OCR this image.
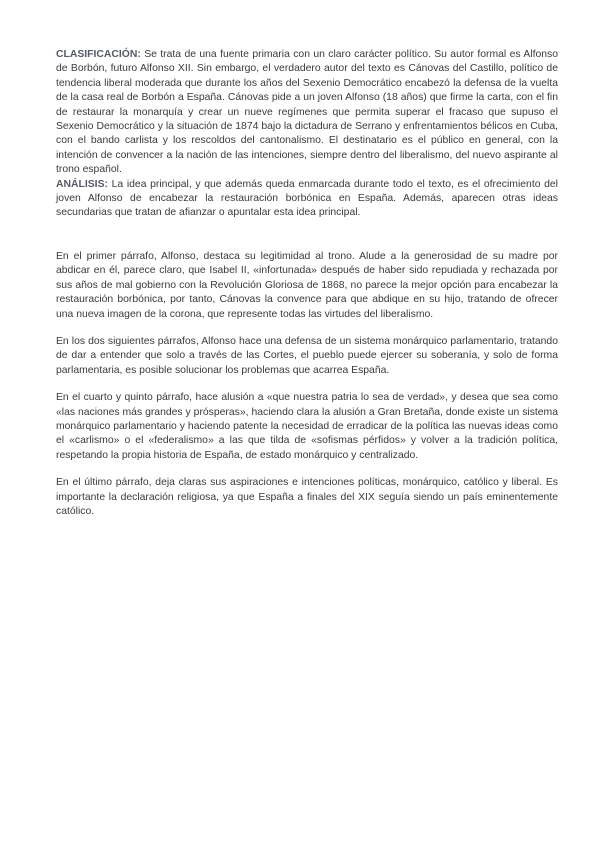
CLASIFICACIÓN: Se trata de una fuente primaria con un claro carácter político. Su autor formal es Alfonso de Borbón, futuro Alfonso XII. Sin embargo, el verdadero autor del texto es Cánovas del Castillo, político de tendencia liberal moderada que durante los años del Sexenio Democrático encabezó la defensa de la vuelta de la casa real de Borbón a España. Cánovas pide a un joven Alfonso (18 años) que firme la carta, con el fin de restaurar la monarquía y crear un nueve regímenes que permita superar el fracaso que supuso el Sexenio Democrático y la situación de 1874 bajo la dictadura de Serrano y enfrentamientos bélicos en Cuba, con el bando carlista y los rescoldos del cantonalismo. El destinatario es el público en general, con la intención de convencer a la nación de las intenciones, siempre dentro del liberalismo, del nuevo aspirante al trono español.

ANÁLISIS: La idea principal, y que además queda enmarcada durante todo el texto, es el ofrecimiento del joven Alfonso de encabezar la restauración borbónica en España. Además, aparecen otras ideas secundarias que tratan de afianzar o apuntalar esta idea principal.

En el primer párrafo, Alfonso, destaca su legitimidad al trono. Alude a la generosidad de su madre por abdicar en él, parece claro, que Isabel II, «infortunada» después de haber sido repudiada y rechazada por sus años de mal gobierno con la Revolución Gloriosa de 1868, no parece la mejor opción para encabezar la restauración borbónica, por tanto, Cánovas la convence para que abdique en su hijo, tratando de ofrecer una nueva imagen de la corona, que represente todas las virtudes del liberalismo.

En los dos siguientes párrafos, Alfonso hace una defensa de un sistema monárquico parlamentario, tratando de dar a entender que solo a través de las Cortes, el pueblo puede ejercer su soberanía, y solo de forma parlamentaria, es posible solucionar los problemas que acarrea España.

En el cuarto y quinto párrafo, hace alusión a «que nuestra patria lo sea de verdad», y desea que sea como «las naciones más grandes y prósperas», haciendo clara la alusión a Gran Bretaña, donde existe un sistema monárquico parlamentario y haciendo patente la necesidad de erradicar de la política las nuevas ideas como el «carlismo» o el «federalismo» a las que tilda de «sofismas pérfidos» y volver a la tradición política, respetando la propia historia de España, de estado monárquico y centralizado.

En el último párrafo, deja claras sus aspiraciones e intenciones políticas, monárquico, católico y liberal. Es importante la declaración religiosa, ya que España a finales del XIX seguía siendo un país eminentemente católico.
